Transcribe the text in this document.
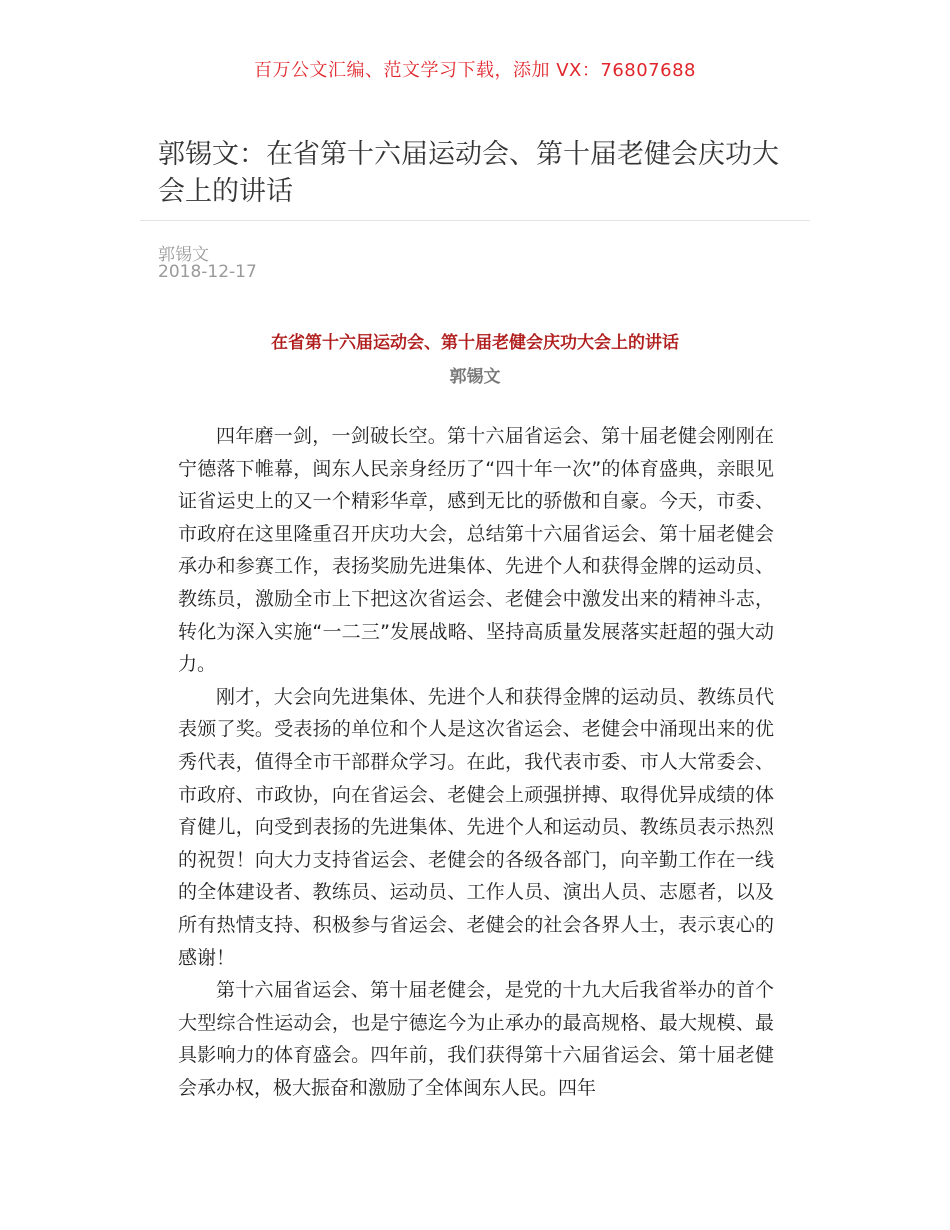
百万公文汇编、范文学习下载，添加 VX：76807688
郭锡文：在省第十六届运动会、第十届老健会庆功大会上的讲话
郭锡文
2018-12-17
在省第十六届运动会、第十届老健会庆功大会上的讲话
郭锡文

四年磨一剑，一剑破长空。第十六届省运会、第十届老健会刚刚在宁德落下帷幕，闽东人民亲身经历了“四十年一次”的体育盛典，亲眼见证省运史上的又一个精彩华章，感到无比的骄傲和自豪。今天，市委、市政府在这里隆重召开庆功大会，总结第十六届省运会、第十届老健会承办和参赛工作，表扬奖励先进集体、先进个人和获得金牌的运动员、教练员，激励全市上下把这次省运会、老健会中激发出来的精神斗志，转化为深入实施“一二三”发展战略、坚持高质量发展落实赶超的强大动力。

刚才，大会向先进集体、先进个人和获得金牌的运动员、教练员代表颁了奖。受表扬的单位和个人是这次省运会、老健会中涌现出来的优秀代表，值得全市干部群众学习。在此，我代表市委、市人大常委会、市政府、市政协，向在省运会、老健会上顽强拼搏、取得优异成绩的体育健儿，向受到表扬的先进集体、先进个人和运动员、教练员表示热烈的祝贺！向大力支持省运会、老健会的各级各部门，向辛勤工作在一线的全体建设者、教练员、运动员、工作人员、演出人员、志愿者，以及所有热情支持、积极参与省运会、老健会的社会各界人士，表示衷心的感谢！

第十六届省运会、第十届老健会，是党的十九大后我省举办的首个大型综合性运动会，也是宁德迄今为止承办的最高规格、最大规模、最具影响力的体育盛会。四年前，我们获得第十六届省运会、第十届老健会承办权，极大振奋和激励了全体闽东人民。四年
